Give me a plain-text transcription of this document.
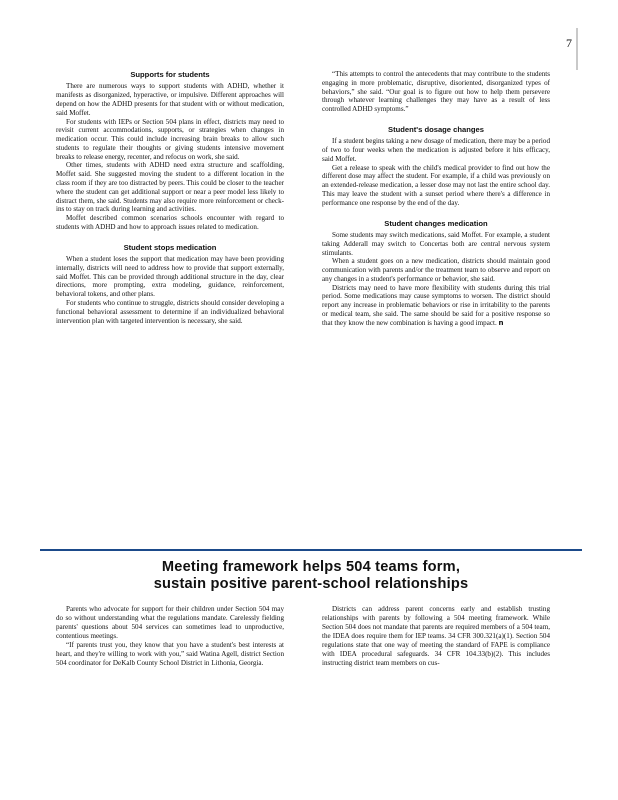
7
Supports for students

There are numerous ways to support students with ADHD, whether it manifests as disorganized, hyperactive, or impulsive. Different approaches will depend on how the ADHD presents for that student with or without medication, said Moffet.

For students with IEPs or Section 504 plans in effect, districts may need to revisit current accommodations, supports, or strategies when changes in medication occur. This could include increasing brain breaks to allow such students to regulate their thoughts or giving students intensive movement breaks to release energy, recenter, and refocus on work, she said.

Other times, students with ADHD need extra structure and scaffolding, Moffet said. She suggested moving the student to a different location in the class room if they are too distracted by peers. This could be closer to the teacher where the student can get additional support or near a peer model less likely to distract them, she said. Students may also require more reinforcement or check-ins to stay on track during learning and activities.

Moffet described common scenarios schools encounter with regard to students with ADHD and how to approach issues related to medication.

Student stops medication

When a student loses the support that medication may have been providing internally, districts will need to address how to provide that support externally, said Moffet. This can be provided through additional structure in the day, clear directions, more prompting, extra modeling, guidance, reinforcement, behavioral tokens, and other plans.

For students who continue to struggle, districts should consider developing a functional behavioral assessment to determine if an individualized behavioral intervention plan with targeted intervention is necessary, she said.

“This attempts to control the antecedents that may contribute to the students engaging in more problematic, disruptive, disoriented, disorganized types of behaviors,” she said. “Our goal is to figure out how to help them persevere through whatever learning challenges they may have as a result of less controlled ADHD symptoms.”

Student's dosage changes

If a student begins taking a new dosage of medication, there may be a period of two to four weeks when the medication is adjusted before it hits efficacy, said Moffet.

Get a release to speak with the child's medical provider to find out how the different dose may affect the student. For example, if a child was previously on an extended-release medication, a lesser dose may not last the entire school day. This may leave the student with a sunset period where there's a difference in performance one response by the end of the day.

Student changes medication

Some students may switch medications, said Moffet. For example, a student taking Adderall may switch to Concertas both are central nervous system stimulants.

When a student goes on a new medication, districts should maintain good communication with parents and/or the treatment team to observe and report on any changes in a student's performance or behavior, she said.

Districts may need to have more flexibility with students during this trial period. Some medications may cause symptoms to worsen. The district should report any increase in problematic behaviors or rise in irritability to the parents or medical team, she said. The same should be said for a positive response so that they know the new combination is having a good impact. n

Meeting framework helps 504 teams form,
sustain positive parent-school relationships

Parents who advocate for support for their children under Section 504 may do so without understanding what the regulations mandate. Carelessly fielding parents' questions about 504 services can sometimes lead to unproductive, contentious meetings.

“If parents trust you, they know that you have a student's best interests at heart, and they're willing to work with you,” said Watina Agell, district Section 504 coordinator for DeKalb County School District in Lithonia, Georgia.

Districts can address parent concerns early and establish trusting relationships with parents by following a 504 meeting framework. While Section 504 does not mandate that parents are required members of a 504 team, the IDEA does require them for IEP teams. 34 CFR 300.321(a)(1). Section 504 regulations state that one way of meeting the standard of FAPE is compliance with IDEA procedural safeguards. 34 CFR 104.33(b)(2). This includes instructing district team members on cus-
